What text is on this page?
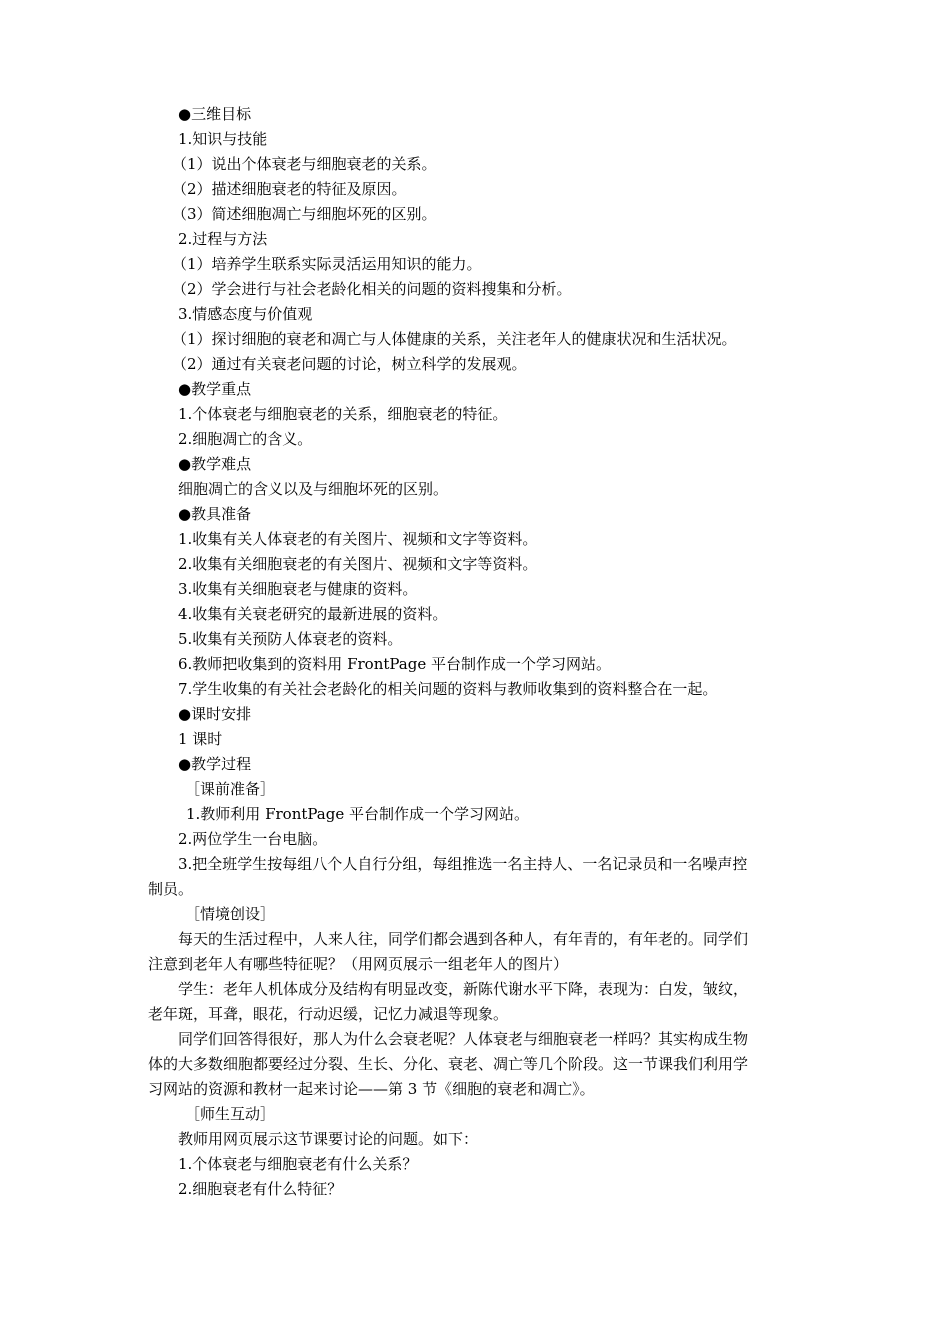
●三维目标
1.知识与技能
（1）说出个体衰老与细胞衰老的关系。
（2）描述细胞衰老的特征及原因。
（3）简述细胞凋亡与细胞坏死的区别。
2.过程与方法
（1）培养学生联系实际灵活运用知识的能力。
（2）学会进行与社会老龄化相关的问题的资料搜集和分析。
3.情感态度与价值观
（1）探讨细胞的衰老和凋亡与人体健康的关系，关注老年人的健康状况和生活状况。
（2）通过有关衰老问题的讨论，树立科学的发展观。
●教学重点
1.个体衰老与细胞衰老的关系，细胞衰老的特征。
2.细胞凋亡的含义。
●教学难点
细胞凋亡的含义以及与细胞坏死的区别。
●教具准备
1.收集有关人体衰老的有关图片、视频和文字等资料。
2.收集有关细胞衰老的有关图片、视频和文字等资料。
3.收集有关细胞衰老与健康的资料。
4.收集有关衰老研究的最新进展的资料。
5.收集有关预防人体衰老的资料。
6.教师把收集到的资料用 FrontPage 平台制作成一个学习网站。
7.学生收集的有关社会老龄化的相关问题的资料与教师收集到的资料整合在一起。
●课时安排
1 课时
●教学过程
［课前准备］
1.教师利用 FrontPage 平台制作成一个学习网站。
2.两位学生一台电脑。
3.把全班学生按每组八个人自行分组，每组推选一名主持人、一名记录员和一名噪声控
制员。
［情境创设］
每天的生活过程中，人来人往，同学们都会遇到各种人，有年青的，有年老的。同学们
注意到老年人有哪些特征呢？（用网页展示一组老年人的图片）
学生：老年人机体成分及结构有明显改变，新陈代谢水平下降，表现为：白发，皱纹，
老年斑，耳聋，眼花，行动迟缓，记忆力减退等现象。
同学们回答得很好，那人为什么会衰老呢？人体衰老与细胞衰老一样吗？其实构成生物
体的大多数细胞都要经过分裂、生长、分化、衰老、凋亡等几个阶段。这一节课我们利用学
习网站的资源和教材一起来讨论——第 3 节《细胞的衰老和凋亡》。
［师生互动］
教师用网页展示这节课要讨论的问题。如下：
1.个体衰老与细胞衰老有什么关系？
2.细胞衰老有什么特征？
